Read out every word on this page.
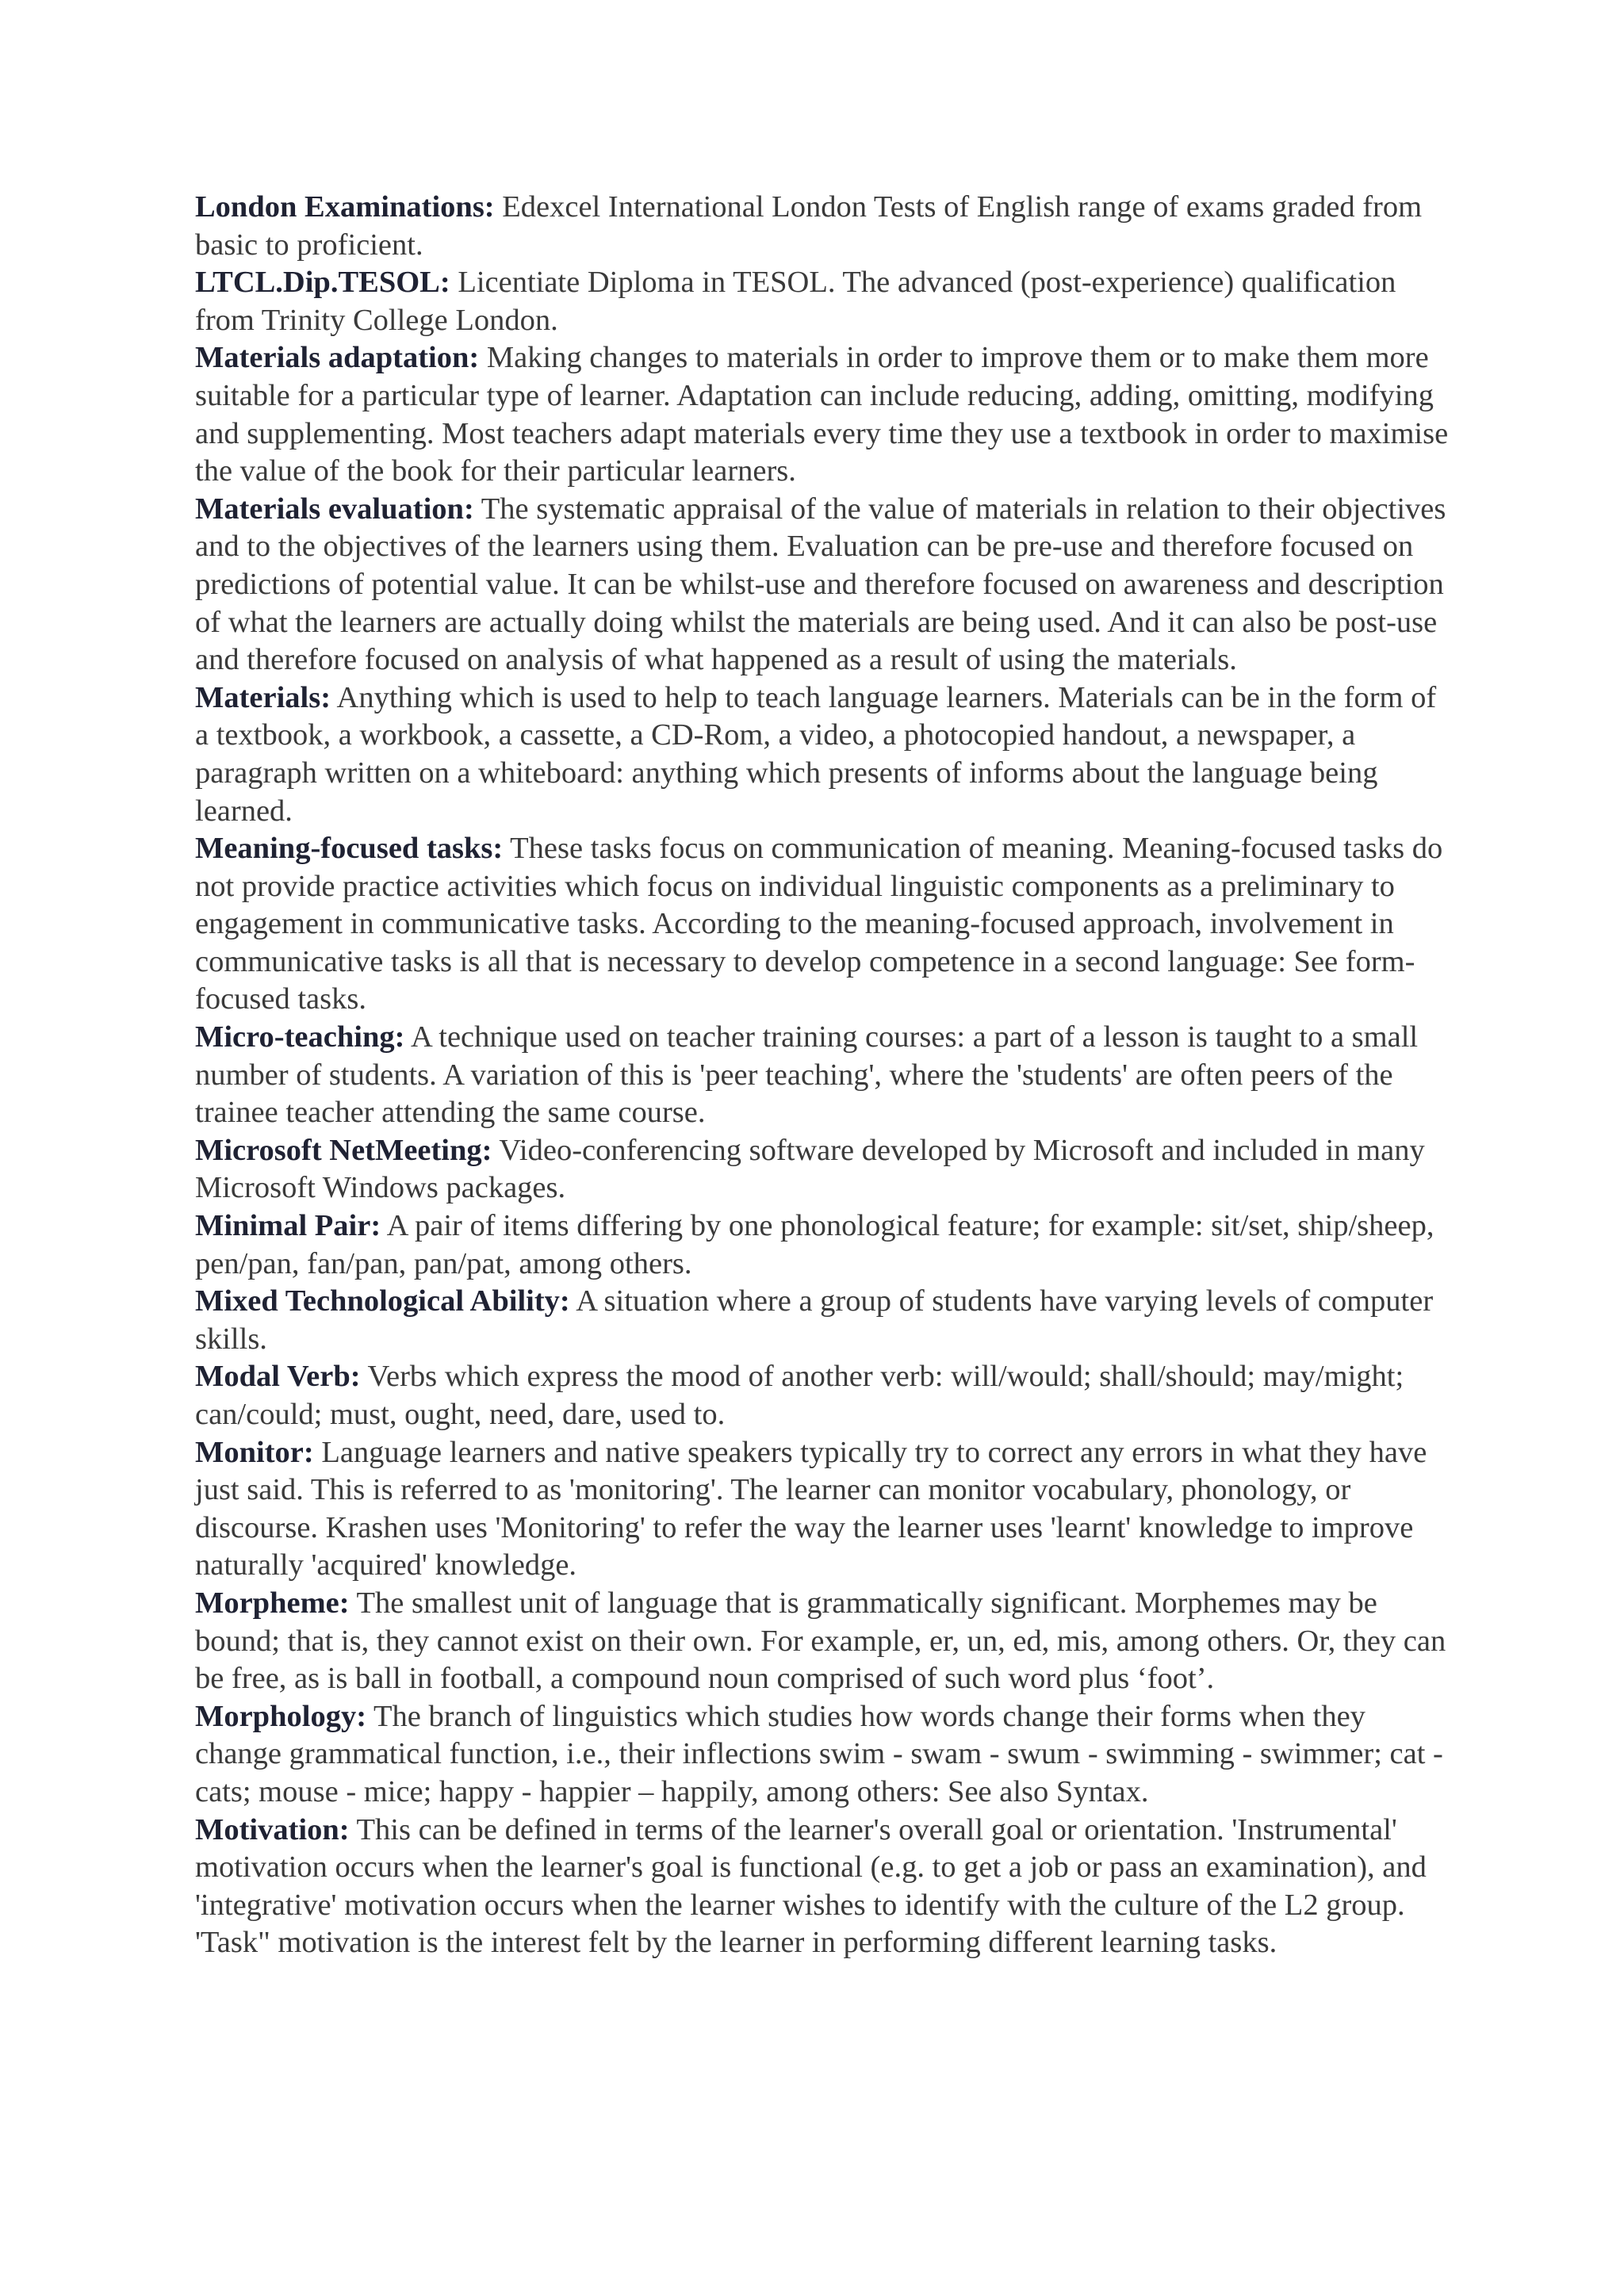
London Examinations: Edexcel International London Tests of English range of exams graded from basic to proficient.

LTCL.Dip.TESOL: Licentiate Diploma in TESOL. The advanced (post-experience) qualification from Trinity College London.

Materials adaptation: Making changes to materials in order to improve them or to make them more suitable for a particular type of learner. Adaptation can include reducing, adding, omitting, modifying and supplementing. Most teachers adapt materials every time they use a textbook in order to maximise the value of the book for their particular learners.

Materials evaluation: The systematic appraisal of the value of materials in relation to their objectives and to the objectives of the learners using them. Evaluation can be pre-use and therefore focused on predictions of potential value. It can be whilst-use and therefore focused on awareness and description of what the learners are actually doing whilst the materials are being used. And it can also be post-use and therefore focused on analysis of what happened as a result of using the materials.

Materials: Anything which is used to help to teach language learners. Materials can be in the form of a textbook, a workbook, a cassette, a CD-Rom, a video, a photocopied handout, a newspaper, a paragraph written on a whiteboard: anything which presents of informs about the language being learned.

Meaning-focused tasks: These tasks focus on communication of meaning. Meaning-focused tasks do not provide practice activities which focus on individual linguistic components as a preliminary to engagement in communicative tasks. According to the meaning-focused approach, involvement in communicative tasks is all that is necessary to develop competence in a second language: See form-focused tasks.

Micro-teaching: A technique used on teacher training courses: a part of a lesson is taught to a small number of students. A variation of this is 'peer teaching', where the 'students' are often peers of the trainee teacher attending the same course.

Microsoft NetMeeting: Video-conferencing software developed by Microsoft and included in many Microsoft Windows packages.

Minimal Pair: A pair of items differing by one phonological feature; for example: sit/set, ship/sheep, pen/pan, fan/pan, pan/pat, among others.

Mixed Technological Ability: A situation where a group of students have varying levels of computer skills.

Modal Verb: Verbs which express the mood of another verb: will/would; shall/should; may/might; can/could; must, ought, need, dare, used to.

Monitor: Language learners and native speakers typically try to correct any errors in what they have just said. This is referred to as 'monitoring'. The learner can monitor vocabulary, phonology, or discourse. Krashen uses 'Monitoring' to refer the way the learner uses 'learnt' knowledge to improve naturally 'acquired' knowledge.

Morpheme: The smallest unit of language that is grammatically significant. Morphemes may be bound; that is, they cannot exist on their own. For example, er, un, ed, mis, among others. Or, they can be free, as is ball in football, a compound noun comprised of such word plus ‘foot’.

Morphology: The branch of linguistics which studies how words change their forms when they change grammatical function, i.e., their inflections swim - swam - swum - swimming - swimmer; cat - cats; mouse - mice; happy - happier – happily, among others: See also Syntax.

Motivation: This can be defined in terms of the learner's overall goal or orientation. 'Instrumental' motivation occurs when the learner's goal is functional (e.g. to get a job or pass an examination), and 'integrative' motivation occurs when the learner wishes to identify with the culture of the L2 group. 'Task" motivation is the interest felt by the learner in performing different learning tasks.
